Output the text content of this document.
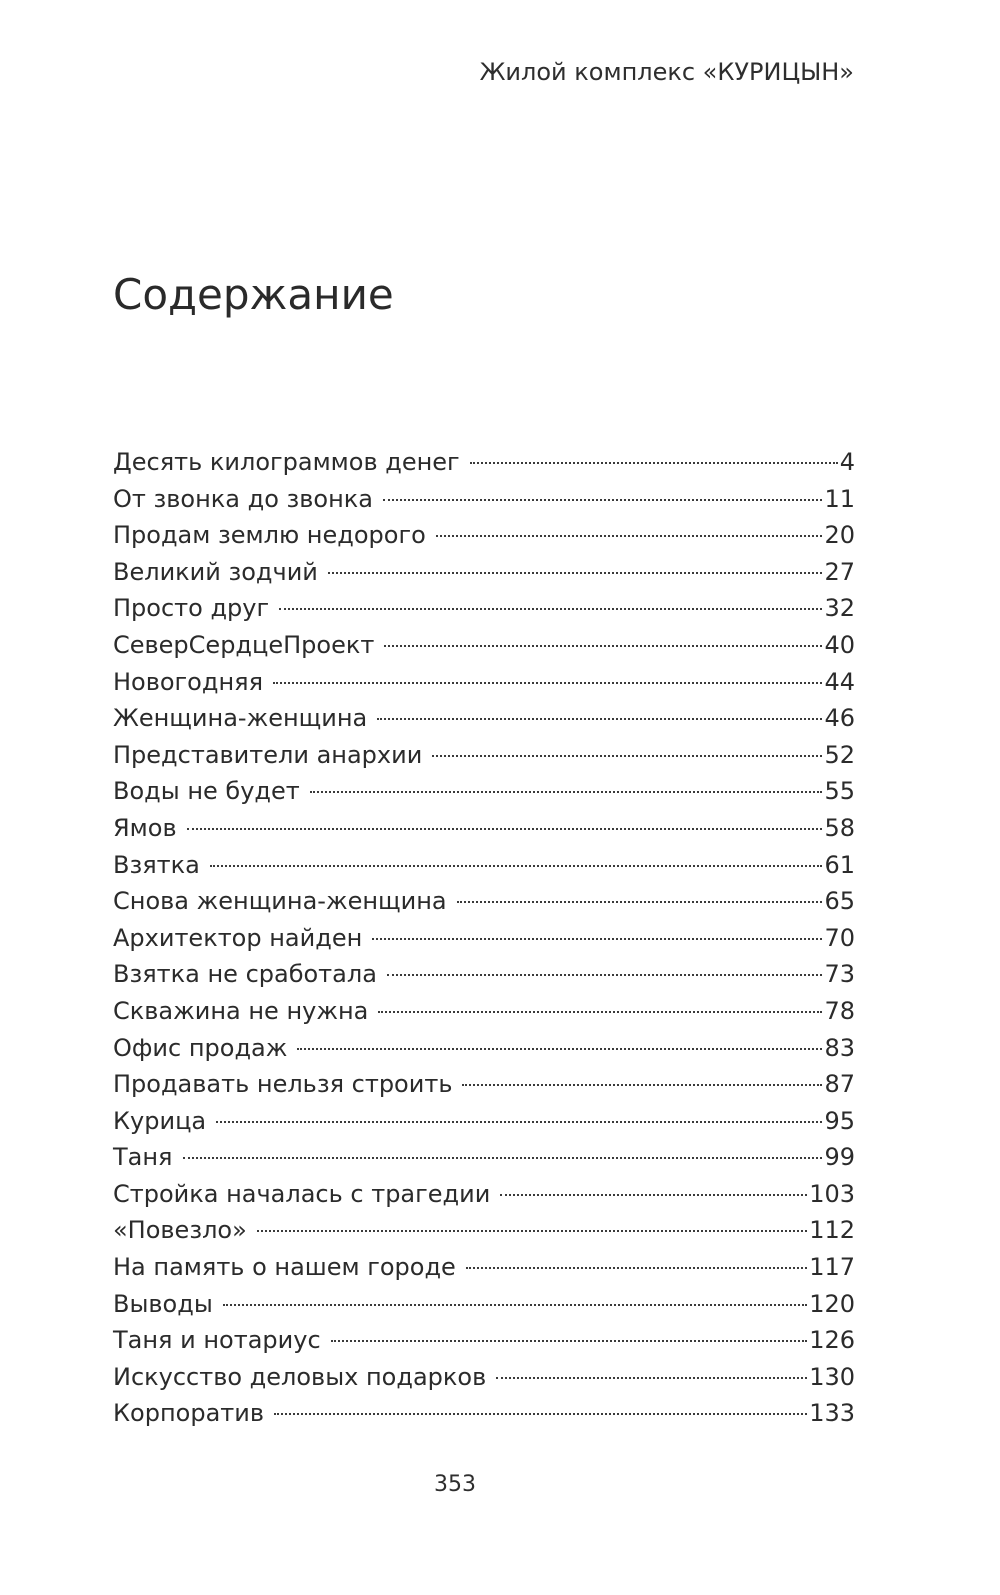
Жилой комплекс «КУРИЦЫН»
Содержание
Десять килограммов денег	4
От звонка до звонка	11
Продам землю недорого	20
Великий зодчий	27
Просто друг	32
СеверСердцеПроект	40
Новогодняя	44
Женщина-женщина	46
Представители анархии	52
Воды не будет	55
Ямов	58
Взятка	61
Снова женщина-женщина	65
Архитектор найден	70
Взятка не сработала	73
Скважина не нужна	78
Офис продаж	83
Продавать нельзя строить	87
Курица	95
Таня	99
Стройка началась с трагедии	103
«Повезло»	112
На память о нашем городе	117
Выводы	120
Таня и нотариус	126
Искусство деловых подарков	130
Корпоратив	133
353
